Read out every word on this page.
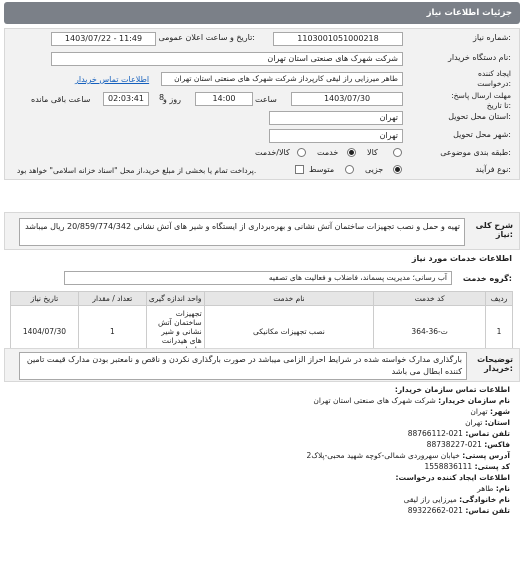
جزئیات اطلاعات نیاز
شماره نیاز:
1103001051000218
تاریخ و ساعت اعلان عمومی:
1403/07/22 - 11:49
نام دستگاه خریدار:
شرکت شهرک های صنعتی استان تهران
ایجاد کننده درخواست:
طاهر میرزایی راز لیقی کارپرداز شرکت شهرک های صنعتی استان تهران
اطلاعات تماس خریدار
مهلت ارسال پاسخ: تا تاریخ:
1403/07/30
ساعت
14:00
روز و
8
02:03:41
ساعت باقی مانده
استان محل تحویل:
تهران
شهر محل تحویل:
تهران
طبقه بندی موضوعی:
کالا
خدمت
کالا/خدمت
نوع فرآیند:
جزیی
متوسط
پرداخت تمام یا بخشی از مبلغ خرید،از محل "اسناد خزانه اسلامی" خواهد بود.
شرح کلی نیاز:
تهیه و حمل و نصب تجهیزات ساختمان آتش نشانی و بهره‌برداری از ایستگاه و شیر های آتش نشانی 20/859/774/342 ریال میباشد
اطلاعات خدمات مورد نیاز
گروه خدمت:
آب رسانی؛ مدیریت پسماند، فاضلاب و فعالیت های تصفیه
تاریخ نیاز	تعداد / مقدار	واحد اندازه گیری	نام خدمت	کد خدمت	ردیف
1404/07/30	1	تجهیزات ساختمان آتش نشانی و شیر های هیدرانت	نصب تجهیزات مکانیکی	ت-36-364	1
توضیحات خریدار:
بارگذاری مدارک خواسته شده در شرایط احراز الزامی میباشد در صورت بارگذاری نکردن و ناقص و نامعتبر بودن مدارک قیمت تامین کننده ابطال می باشد
اطلاعات تماس سازمان خریدار:
نام سازمان خریدار: شرکت شهرک های صنعتی استان تهران
شهر: تهران
استان: تهران
تلفن تماس: 021-88766112
فاکس: 021-88738227
آدرس پستی: خیابان سهروردی شمالی-کوچه شهید محبی-پلاک2
کد پستی: 1558836111
اطلاعات ایجاد کننده درخواست:
نام: طاهر
نام خانوادگی: میرزایی راز لیقی
تلفن تماس: 021-89322662
